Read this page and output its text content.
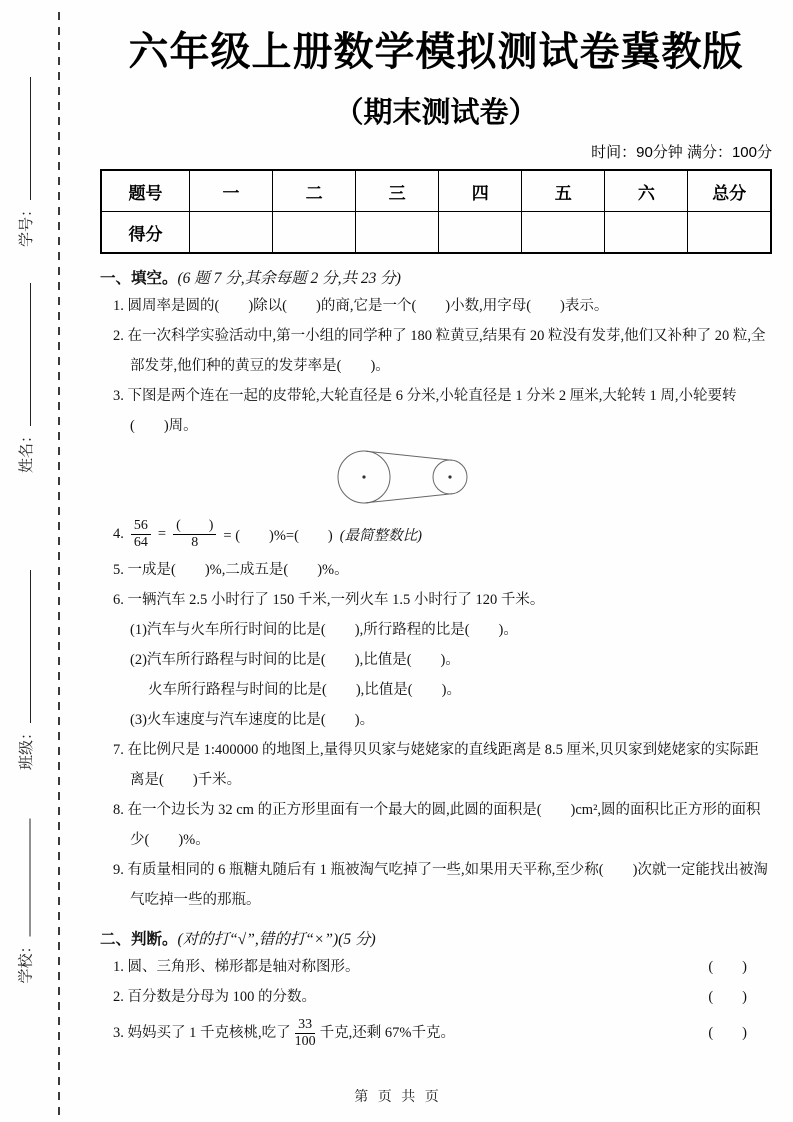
学号：
姓名：
班级：
学校：
六年级上册数学模拟测试卷冀教版
（期末测试卷）
时间：90分钟 满分：100分
题号	一	二	三	四	五	六	总分
得分							
一、填空。(6 题 7 分,其余每题 2 分,共 23 分)
1. 圆周率是圆的(　　)除以(　　)的商,它是一个(　　)小数,用字母(　　)表示。
2. 在一次科学实验活动中,第一小组的同学种了 180 粒黄豆,结果有 20 粒没有发芽,他们又补种了 20 粒,全部发芽,他们种的黄豆的发芽率是(　　)。
3. 下图是两个连在一起的皮带轮,大轮直径是 6 分米,小轮直径是 1 分米 2 厘米,大轮转 1 周,小轮要转(　　)周。
4. $\frac{56}{64} = \frac{( )}{8}$ = (　　)%=(　　) (最简整数比)
5. 一成是(　　)%,二成五是(　　)%。
6. 一辆汽车 2.5 小时行了 150 千米,一列火车 1.5 小时行了 120 千米。
(1)汽车与火车所行时间的比是(　　),所行路程的比是(　　)。
(2)汽车所行路程与时间的比是(　　),比值是(　　)。
火车所行路程与时间的比是(　　),比值是(　　)。
(3)火车速度与汽车速度的比是(　　)。
7. 在比例尺是 1:400000 的地图上,量得贝贝家与姥姥家的直线距离是 8.5 厘米,贝贝家到姥姥家的实际距离是(　　)千米。
8. 在一个边长为 32 cm 的正方形里面有一个最大的圆,此圆的面积是(　　)cm²,圆的面积比正方形的面积少(　　)%。
9. 有质量相同的 6 瓶糖丸随后有 1 瓶被淘气吃掉了一些,如果用天平称,至少称(　　)次就一定能找出被淘气吃掉一些的那瓶。
二、判断。(对的打“√”,错的打“×”)(5 分)
1. 圆、三角形、梯形都是轴对称图形。	(　　)
2. 百分数是分母为 100 的分数。	(　　)
3. 妈妈买了 1 千克核桃,吃了 $\frac{33}{100}$ 千克,还剩 67%千克。	(　　)
第 页 共 页
